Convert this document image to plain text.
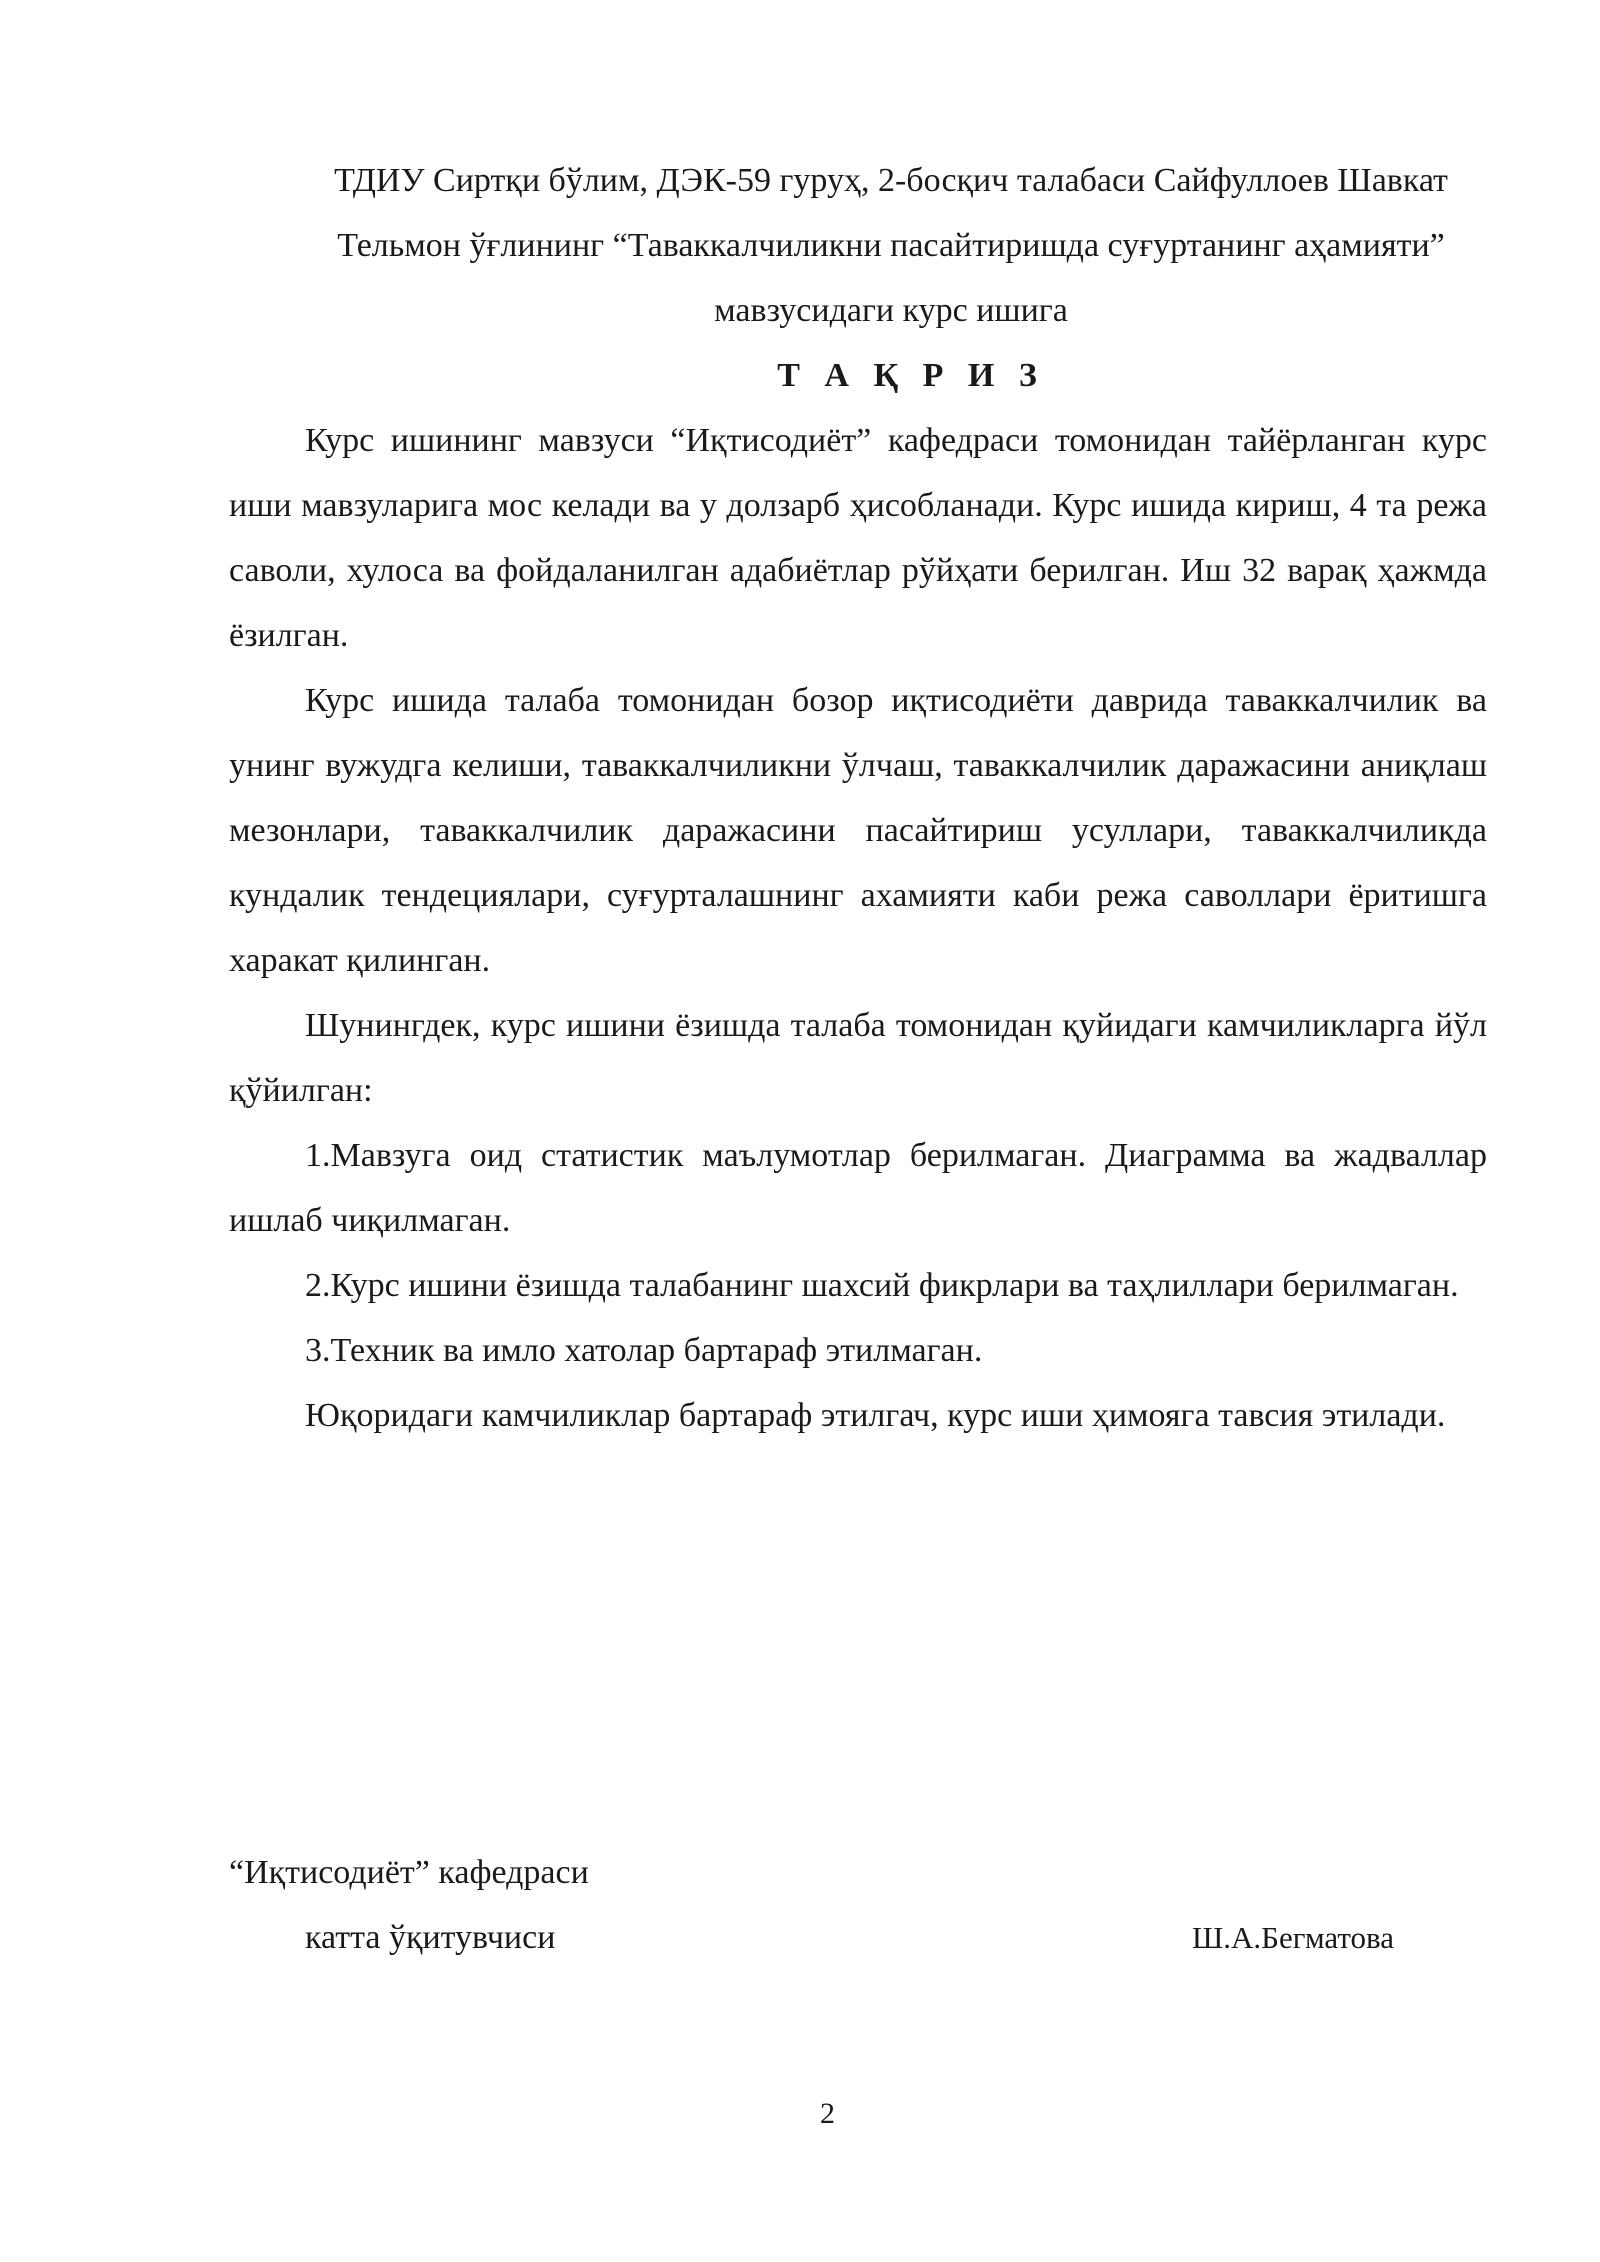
ТДИУ Сиртқи бўлим, ДЭК-59 гуруҳ, 2-босқич талабаси Сайфуллоев Шавкат Тельмон ўғлининг “Таваккалчиликни пасайтиришда суғуртанинг аҳамияти” мавзусидаги курс ишига
Т А Қ Р И З

Курс ишининг мавзуси “Иқтисодиёт” кафедраси томонидан тайёрланган курс иши мавзуларига мос келади ва у долзарб ҳисобланади. Курс ишида кириш, 4 та режа саволи, хулоса ва фойдаланилган адабиётлар рўйҳати берилган. Иш 32 варақ ҳажмда ёзилган.

Курс ишида талаба томонидан бозор иқтисодиёти даврида таваккалчилик ва унинг вужудга келиши, таваккалчиликни ўлчаш, таваккалчилик даражасини аниқлаш мезонлари, таваккалчилик даражасини пасайтириш усуллари, таваккалчиликда кундалик тендециялари, суғурталашнинг ахамияти каби режа саволлари ёритишга харакат қилинган.

Шунингдек, курс ишини ёзишда талаба томонидан қуйидаги камчиликларга йўл қўйилган:

1.Мавзуга оид статистик маълумотлар берилмаган. Диаграмма ва жадваллар ишлаб чиқилмаган.

2.Курс ишини ёзишда талабанинг шахсий фикрлари ва таҳлиллари берилмаган.

3.Техник ва имло хатолар бартараф этилмаган.

Юқоридаги камчиликлар бартараф этилгач, курс иши ҳимояга тавсия этилади.

“Иқтисодиёт” кафедраси
катта ўқитувчиси	Ш.А.Бегматова
2
